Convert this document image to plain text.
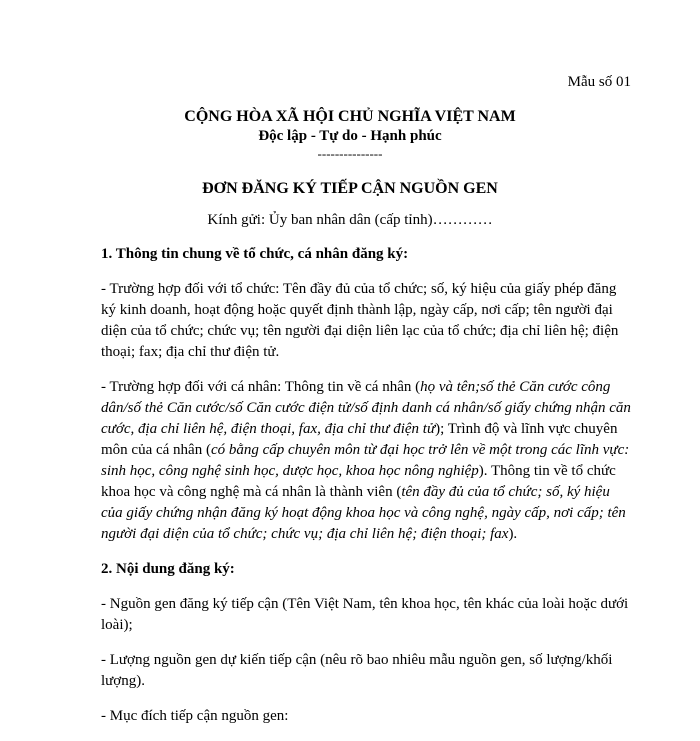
Mẫu số 01
CỘNG HÒA XÃ HỘI CHỦ NGHĨA VIỆT NAM
Độc lập - Tự do - Hạnh phúc
---------------
ĐƠN ĐĂNG KÝ TIẾP CẬN NGUỒN GEN
Kính gửi: Ủy ban nhân dân (cấp tỉnh)…………
1. Thông tin chung về tổ chức, cá nhân đăng ký:

- Trường hợp đối với tổ chức: Tên đầy đủ của tổ chức; số, ký hiệu của giấy phép đăng ký kinh doanh, hoạt động hoặc quyết định thành lập, ngày cấp, nơi cấp; tên người đại diện của tổ chức; chức vụ; tên người đại diện liên lạc của tổ chức; địa chỉ liên hệ; điện thoại; fax; địa chỉ thư điện tử.

- Trường hợp đối với cá nhân: Thông tin về cá nhân (họ và tên;số thẻ Căn cước công dân/số thẻ Căn cước/số Căn cước điện tử/số định danh cá nhân/số giấy chứng nhận căn cước, địa chỉ liên hệ, điện thoại, fax, địa chỉ thư điện tử); Trình độ và lĩnh vực chuyên môn của cá nhân (có bằng cấp chuyên môn từ đại học trở lên về một trong các lĩnh vực: sinh học, công nghệ sinh học, dược học, khoa học nông nghiệp). Thông tin về tổ chức khoa học và công nghệ mà cá nhân là thành viên (tên đầy đủ của tổ chức; số, ký hiệu của giấy chứng nhận đăng ký hoạt động khoa học và công nghệ, ngày cấp, nơi cấp; tên người đại diện của tổ chức; chức vụ; địa chỉ liên hệ; điện thoại; fax).

2. Nội dung đăng ký:

- Nguồn gen đăng ký tiếp cận (Tên Việt Nam, tên khoa học, tên khác của loài hoặc dưới loài);

- Lượng nguồn gen dự kiến tiếp cận (nêu rõ bao nhiêu mẫu nguồn gen, số lượng/khối lượng).

- Mục đích tiếp cận nguồn gen:
